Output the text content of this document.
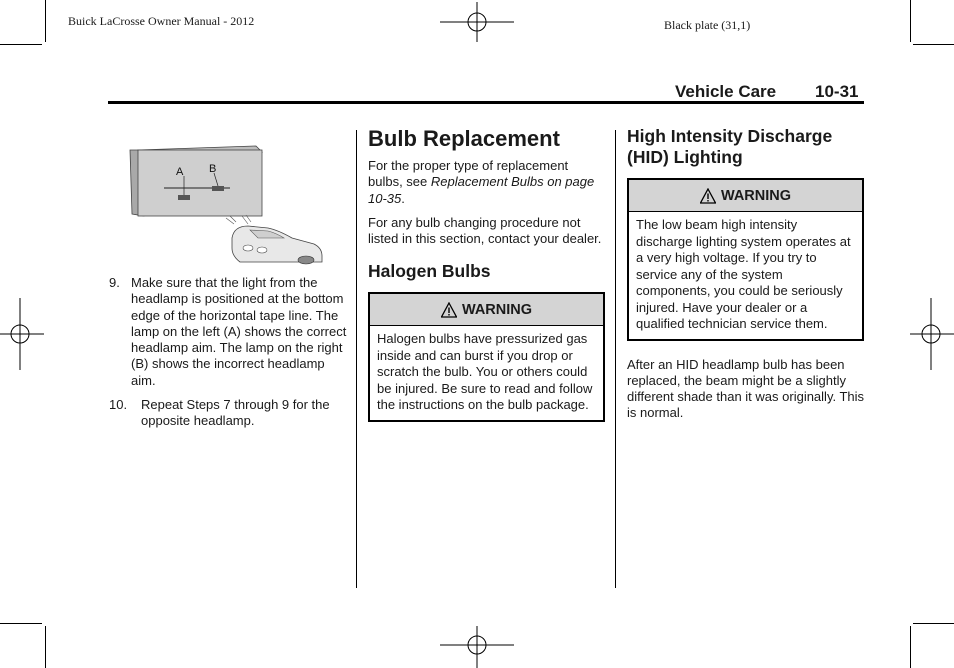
Buick LaCrosse Owner Manual - 2012	Black plate (31,1)
Vehicle Care 10-31
A B
9. Make sure that the light from the headlamp is positioned at the bottom edge of the horizontal tape line. The lamp on the left (A) shows the correct headlamp aim. The lamp on the right (B) shows the incorrect headlamp aim.
10.	Repeat Steps 7 through 9 for the opposite headlamp.
Bulb Replacement

For the proper type of replacement bulbs, see Replacement Bulbs on page 10-35.

For any bulb changing procedure not listed in this section, contact your dealer.

Halogen Bulbs
WARNING
Halogen bulbs have pressurized gas inside and can burst if you drop or scratch the bulb. You or others could be injured. Be sure to read and follow the instructions on the bulb package.
High Intensity Discharge
(HID) Lighting
WARNING
The low beam high intensity discharge lighting system operates at a very high voltage. If you try to service any of the system components, you could be seriously injured. Have your dealer or a qualified technician service them.

After an HID headlamp bulb has been replaced, the beam might be a slightly different shade than it was originally. This is normal.
